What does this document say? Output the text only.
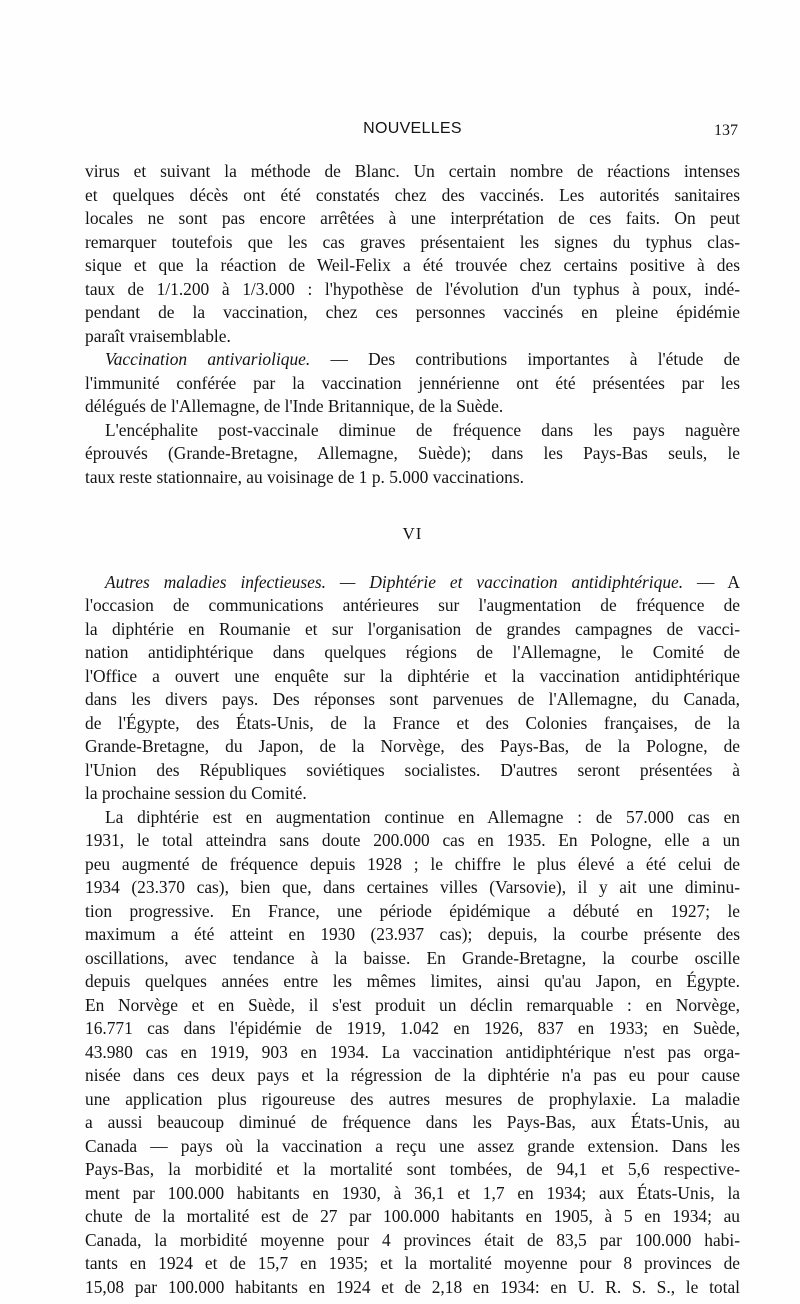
NOUVELLES	137

virus et suivant la méthode de Blanc. Un certain nombre de réactions intenses
et quelques décès ont été constatés chez des vaccinés. Les autorités sanitaires
locales ne sont pas encore arrêtées à une interprétation de ces faits. On peut
remarquer toutefois que les cas graves présentaient les signes du typhus clas-
sique et que la réaction de Weil-Felix a été trouvée chez certains positive à des
taux de 1/1.200 à 1/3.000 : l'hypothèse de l'évolution d'un typhus à poux, indé-
pendant de la vaccination, chez ces personnes vaccinés en pleine épidémie
paraît vraisemblable.

Vaccination antivariolique. — Des contributions importantes à l'étude de
l'immunité conférée par la vaccination jennérienne ont été présentées par les
délégués de l'Allemagne, de l'Inde Britannique, de la Suède.

L'encéphalite post-vaccinale diminue de fréquence dans les pays naguère
éprouvés (Grande-Bretagne, Allemagne, Suède); dans les Pays-Bas seuls, le
taux reste stationnaire, au voisinage de 1 p. 5.000 vaccinations.

VI

Autres maladies infectieuses. — Diphtérie et vaccination antidiphtérique. — A
l'occasion de communications antérieures sur l'augmentation de fréquence de
la diphtérie en Roumanie et sur l'organisation de grandes campagnes de vacci-
nation antidiphtérique dans quelques régions de l'Allemagne, le Comité de
l'Office a ouvert une enquête sur la diphtérie et la vaccination antidiphtérique
dans les divers pays. Des réponses sont parvenues de l'Allemagne, du Canada,
de l'Égypte, des États-Unis, de la France et des Colonies françaises, de la
Grande-Bretagne, du Japon, de la Norvège, des Pays-Bas, de la Pologne, de
l'Union des Républiques soviétiques socialistes. D'autres seront présentées à
la prochaine session du Comité.

La diphtérie est en augmentation continue en Allemagne : de 57.000 cas en
1931, le total atteindra sans doute 200.000 cas en 1935. En Pologne, elle a un
peu augmenté de fréquence depuis 1928 ; le chiffre le plus élevé a été celui de
1934 (23.370 cas), bien que, dans certaines villes (Varsovie), il y ait une diminu-
tion progressive. En France, une période épidémique a débuté en 1927; le
maximum a été atteint en 1930 (23.937 cas); depuis, la courbe présente des
oscillations, avec tendance à la baisse. En Grande-Bretagne, la courbe oscille
depuis quelques années entre les mêmes limites, ainsi qu'au Japon, en Égypte.
En Norvège et en Suède, il s'est produit un déclin remarquable : en Norvège,
16.771 cas dans l'épidémie de 1919, 1.042 en 1926, 837 en 1933; en Suède,
43.980 cas en 1919, 903 en 1934. La vaccination antidiphtérique n'est pas orga-
nisée dans ces deux pays et la régression de la diphtérie n'a pas eu pour cause
une application plus rigoureuse des autres mesures de prophylaxie. La maladie
a aussi beaucoup diminué de fréquence dans les Pays-Bas, aux États-Unis, au
Canada — pays où la vaccination a reçu une assez grande extension. Dans les
Pays-Bas, la morbidité et la mortalité sont tombées, de 94,1 et 5,6 respective-
ment par 100.000 habitants en 1930, à 36,1 et 1,7 en 1934; aux États-Unis, la
chute de la mortalité est de 27 par 100.000 habitants en 1905, à 5 en 1934; au
Canada, la morbidité moyenne pour 4 provinces était de 83,5 par 100.000 habi-
tants en 1924 et de 15,7 en 1935; et la mortalité moyenne pour 8 provinces de
15,08 par 100.000 habitants en 1924 et de 2,18 en 1934: en U. R. S. S., le total
